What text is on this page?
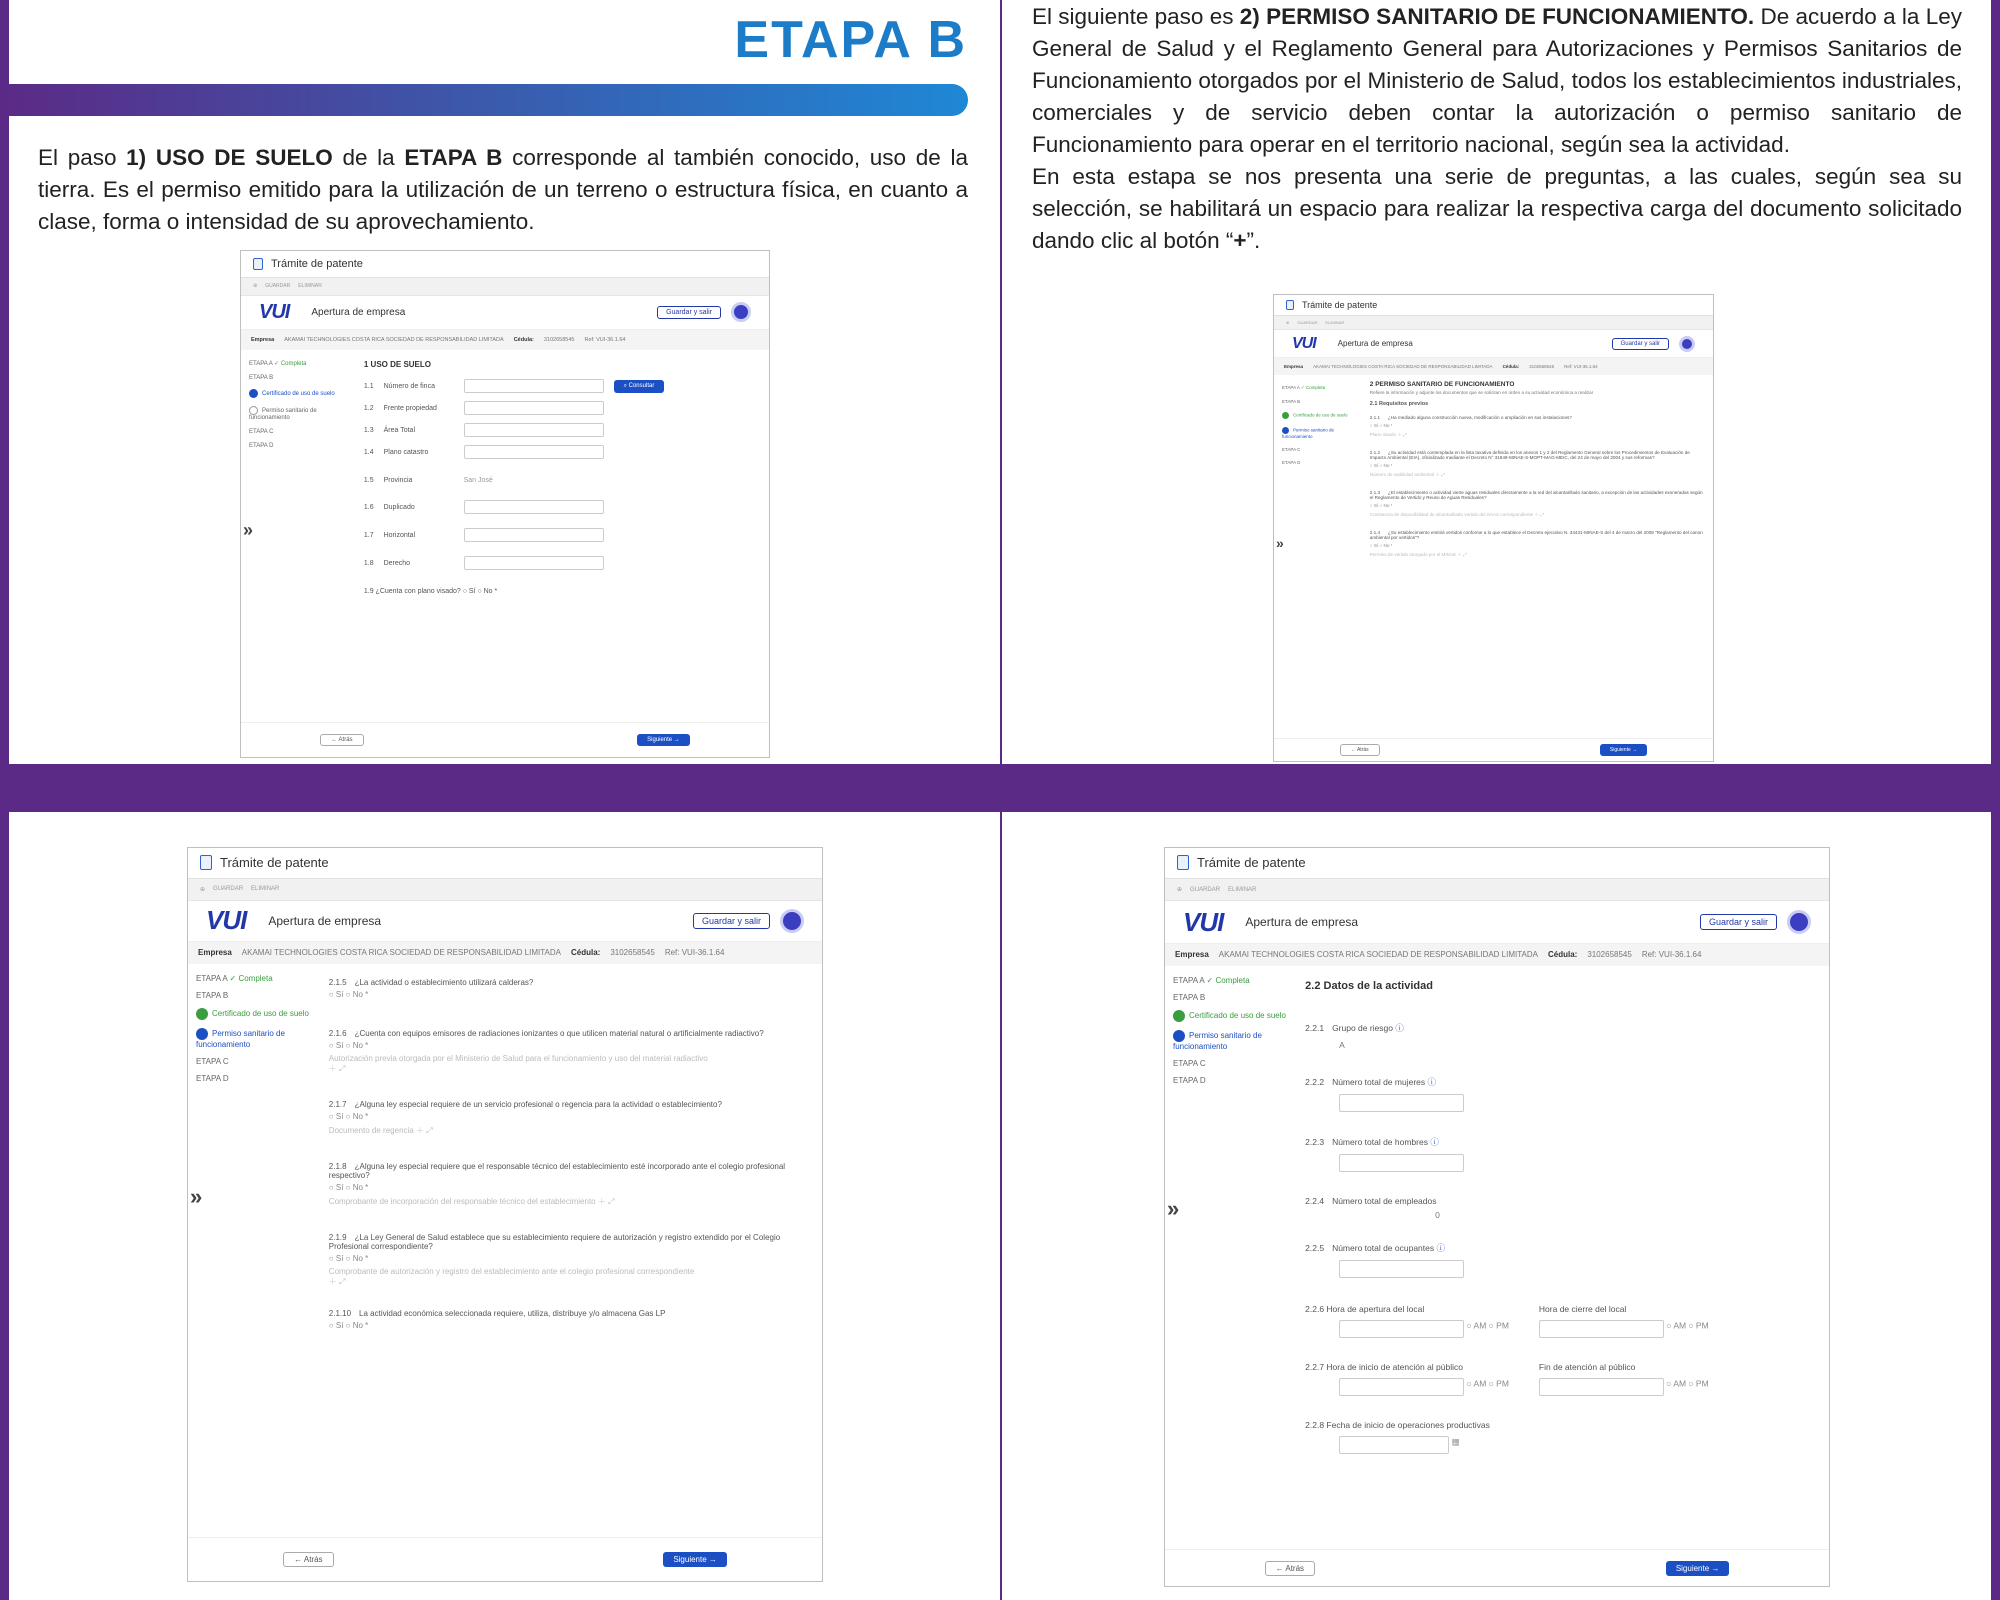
ETAPA B
El paso 1) USO DE SUELO de la ETAPA B corresponde al también conocido, uso de la tierra. Es el permiso emitido para la utilización de un terreno o estructura física, en cuanto a clase, forma o intensidad de su aprovechamiento.
El siguiente paso es 2) PERMISO SANITARIO DE FUNCIONAMIENTO. De acuerdo a la Ley General de Salud y el Reglamento General para Autorizaciones y Permisos Sanitarios de Funcionamiento otorgados por el Ministerio de Salud, todos los establecimientos industriales, comerciales y de servicio deben contar la autorización o permiso sanitario de Funcionamiento para operar en el territorio nacional, según sea la actividad.
En esta estapa se nos presenta una serie de preguntas, a las cuales, según sea su selección, se habilitará un espacio para realizar la respectiva carga del documento solicitado dando clic al botón “+”.
Trámite de patente
⊕ GUARDAR ELIMINAR
VUI Apertura de empresa	Guardar y salir
Empresa AKAMAI TECHNOLOGIES COSTA RICA SOCIEDAD DE RESPONSABILIDAD LIMITADA Cédula: 3102658545 Ref: VUI-36.1.64
ETAPA A ✓ Completa
ETAPA B
Certificado de uso de suelo
Permiso sanitario de funcionamiento
ETAPA C
ETAPA D
»
1 USO DE SUELO
1.1 Número de finca	⌕ Consultar
1.2 Frente propiedad
1.3 Área Total
1.4 Plano catastro
1.5 Provincia	San José
1.6 Duplicado
1.7 Horizontal
1.8 Derecho
1.9 ¿Cuenta con plano visado? ○ Sí ○ No *
← Atrás	Siguiente →
Trámite de patente
⊕ GUARDAR ELIMINAR
VUI	Apertura de empresa	Guardar y salir
Empresa AKAMAI TECHNOLOGIES COSTA RICA SOCIEDAD DE RESPONSABILIDAD LIMITADA Cédula: 3102658545 Ref: VUI-36.1.64
ETAPA A ✓ Completa
ETAPA B
Certificado de uso de suelo
Permiso sanitario de funcionamiento
ETAPA C
ETAPA D
»
2 PERMISO SANITARIO DE FUNCIONAMIENTO
Refiere la información y adjunte los documentos que se solicitan en orden a su actividad económica a realizar
2.1 Requisitos previos
2.1.1 ¿Ha mediado alguna construcción nueva, modificación o ampliación en sus instalaciones?
○ Sí ○ No *
Plano visado ＋ ⤢
2.1.2 ¿Su actividad está contemplada en la lista taxativa definida en los anexos 1 y 2 del Reglamento General sobre los Procedimientos de Evaluación de Impacto Ambiental (EIA), oficializado mediante el Decreto N° 31849-MINAE-S-MOPT-MAG-MEIC, del 24 de mayo del 2004 y sus reformas?
○ Sí ○ No *
Número de viabilidad ambiental ＋ ⤢
2.1.3 ¿El establecimiento o actividad vierte aguas residuales directamente a la red del alcantarillado sanitario, a excepción de las actividades exoneradas según el Reglamento de Vertido y Reuso de Aguas Residuales?
○ Sí ○ No *
Constancia de disponibilidad de alcantarillado vertido del SAAS correspondiente ＋ ⤢
2.1.4 ¿Su establecimiento emitirá vertidos conforme a lo que establece el Decreto ejecutivo N. 34431-MINAE-S del 4 de marzo del 2008 "Reglamento del canon ambiental por vertidos"?
○ Sí ○ No *
Permiso de vertido otorgado por el MINAE ＋ ⤢
← Atrás	Siguiente →
Trámite de patente
⊕ GUARDAR ELIMINAR
VUI Apertura de empresa	Guardar y salir
Empresa AKAMAI TECHNOLOGIES COSTA RICA SOCIEDAD DE RESPONSABILIDAD LIMITADA Cédula: 3102658545 Ref: VUI-36.1.64
ETAPA A ✓ Completa
ETAPA B
Certificado de uso de suelo
Permiso sanitario de funcionamiento
ETAPA C
ETAPA D
»
2.1.5 ¿La actividad o establecimiento utilizará calderas?
○ Sí ○ No *
2.1.6 ¿Cuenta con equipos emisores de radiaciones ionizantes o que utilicen material natural o artificialmente radiactivo?
○ Sí ○ No *
Autorización previa otorgada por el Ministerio de Salud para el funcionamiento y uso del material radiactivo
＋ ⤢
2.1.7 ¿Alguna ley especial requiere de un servicio profesional o regencia para la actividad o establecimiento?
○ Sí ○ No *
Documento de regencia ＋ ⤢
2.1.8 ¿Alguna ley especial requiere que el responsable técnico del establecimiento esté incorporado ante el colegio profesional respectivo?
○ Sí ○ No *
Comprobante de incorporación del responsable técnico del establecimiento ＋ ⤢
2.1.9 ¿La Ley General de Salud establece que su establecimiento requiere de autorización y registro extendido por el Colegio Profesional correspondiente?
○ Sí ○ No *
Comprobante de autorización y registro del establecimiento ante el colegio profesional correspondiente
＋ ⤢
2.1.10 La actividad económica seleccionada requiere, utiliza, distribuye y/o almacena Gas LP
○ Sí ○ No *
← Atrás	Siguiente →
Trámite de patente
⊕ GUARDAR ELIMINAR
VUI Apertura de empresa	Guardar y salir
Empresa AKAMAI TECHNOLOGIES COSTA RICA SOCIEDAD DE RESPONSABILIDAD LIMITADA Cédula: 3102658545 Ref: VUI-36.1.64
ETAPA A ✓ Completa
ETAPA B
Certificado de uso de suelo
Permiso sanitario de funcionamiento
ETAPA C
ETAPA D
»
2.2 Datos de la actividad
2.2.1 Grupo de riesgo ⓘ
A
2.2.2 Número total de mujeres ⓘ
2.2.3 Número total de hombres ⓘ
2.2.4 Número total de empleados
0
2.2.5 Número total de ocupantes ⓘ
2.2.6 Hora de apertura del local
○ AM ○ PM
Hora de cierre del local
○ AM ○ PM
2.2.7 Hora de inicio de atención al público
○ AM ○ PM
Fin de atención al público
○ AM ○ PM
2.2.8 Fecha de inicio de operaciones productivas
▦
← Atrás	Siguiente →
